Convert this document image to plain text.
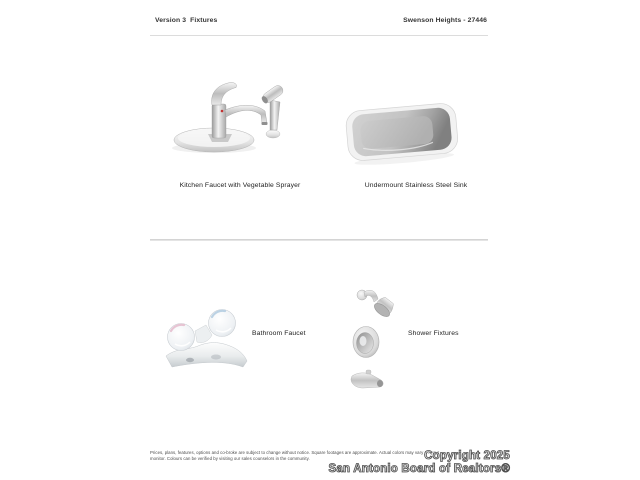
Version 3  Fixtures	Swenson Heights - 27446
Kitchen Faucet with Vegetable Sprayer	Undermount Stainless Steel Sink
Bathroom Faucet	Shower Fixtures
Prices, plans, features, options and co-broke are subject to change without notice. Square footages are approximate. Actual colors may vary on your
monitor. Colours can be verified by visiting our sales counselors in the community.	Copyright 2025
San Antonio Board of Realtors®
